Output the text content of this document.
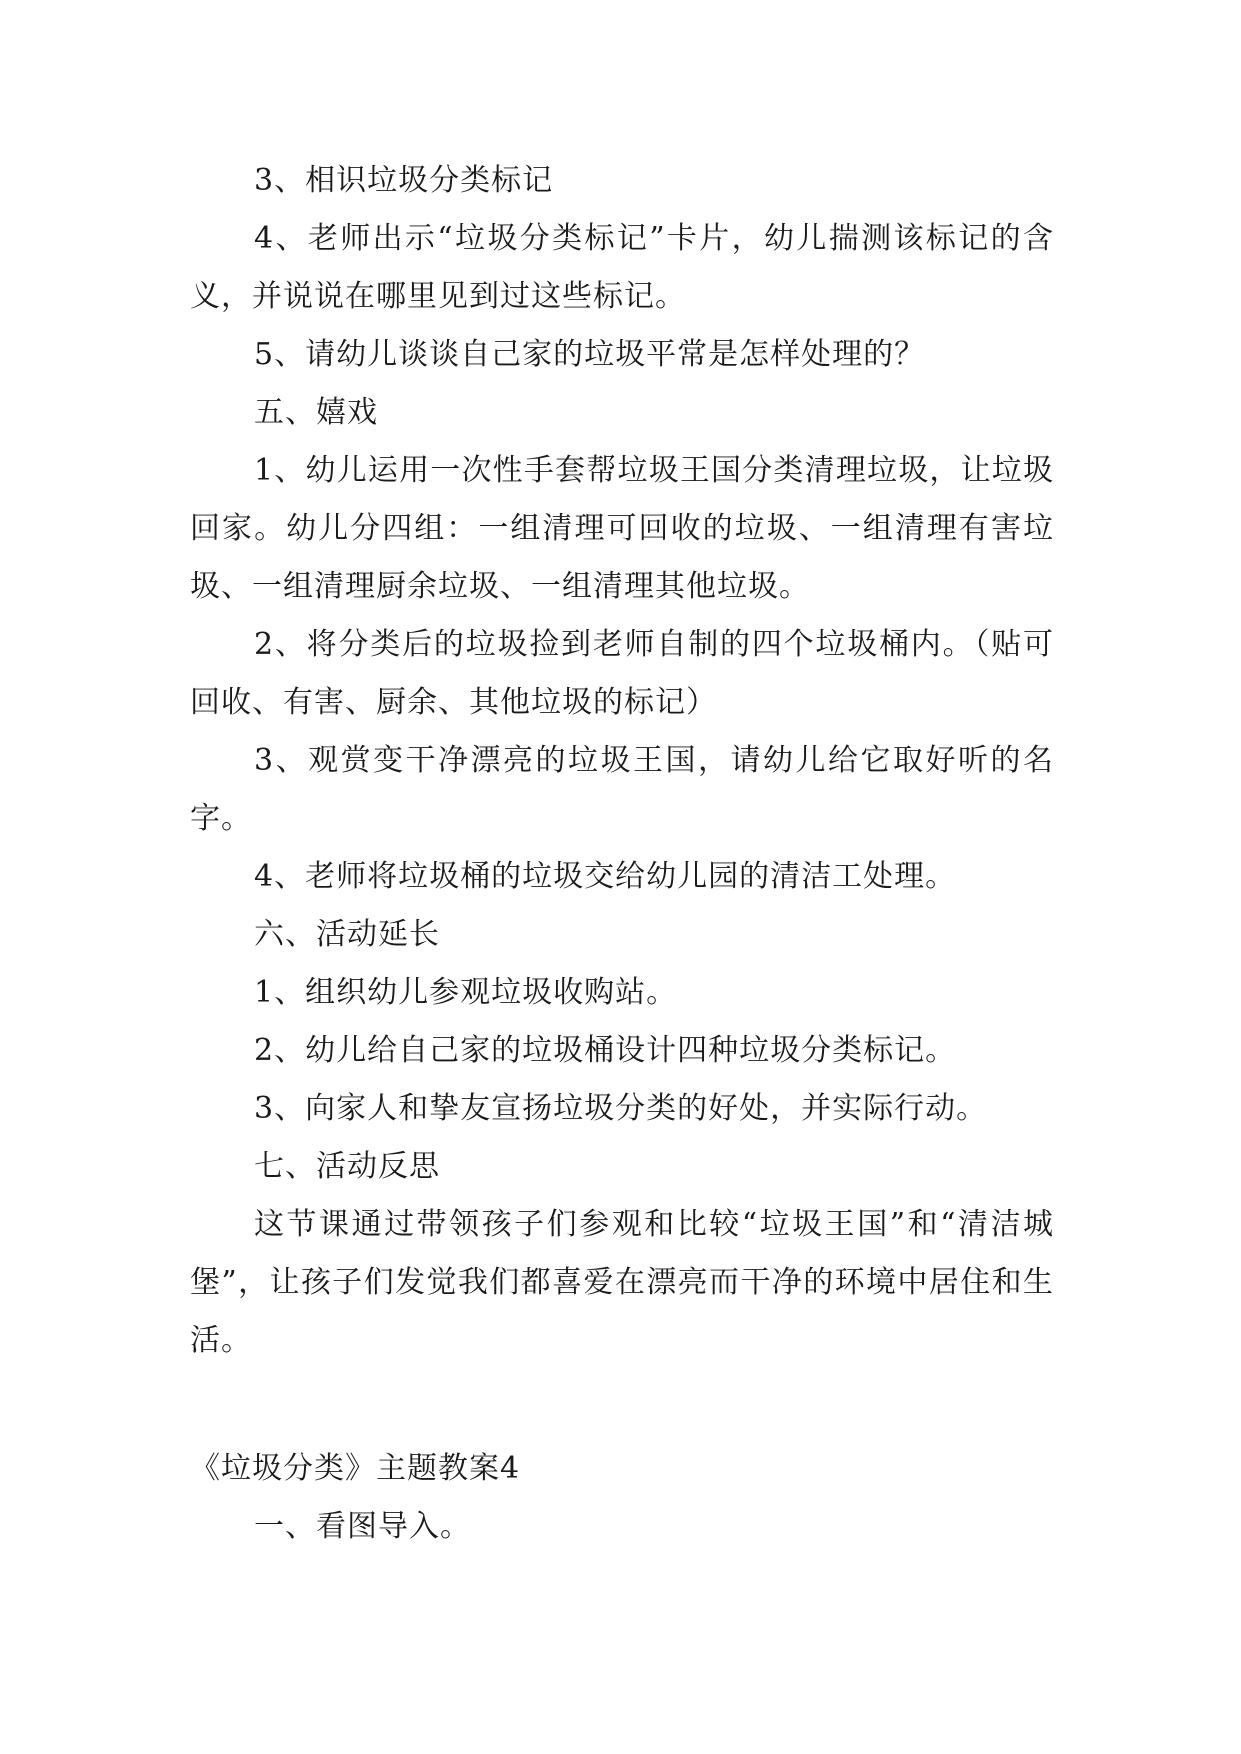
3、相识垃圾分类标记

4、老师出示“垃圾分类标记”卡片，幼儿揣测该标记的含义，并说说在哪里见到过这些标记。

5、请幼儿谈谈自己家的垃圾平常是怎样处理的？

五、嬉戏

1、幼儿运用一次性手套帮垃圾王国分类清理垃圾，让垃圾回家。幼儿分四组：一组清理可回收的垃圾、一组清理有害垃圾、一组清理厨余垃圾、一组清理其他垃圾。

2、将分类后的垃圾捡到老师自制的四个垃圾桶内。（贴可回收、有害、厨余、其他垃圾的标记）

3、观赏变干净漂亮的垃圾王国，请幼儿给它取好听的名字。

4、老师将垃圾桶的垃圾交给幼儿园的清洁工处理。

六、活动延长

1、组织幼儿参观垃圾收购站。

2、幼儿给自己家的垃圾桶设计四种垃圾分类标记。

3、向家人和挚友宣扬垃圾分类的好处，并实际行动。

七、活动反思

这节课通过带领孩子们参观和比较“垃圾王国”和“清洁城堡”，让孩子们发觉我们都喜爱在漂亮而干净的环境中居住和生活。

《垃圾分类》主题教案4

一、看图导入。
